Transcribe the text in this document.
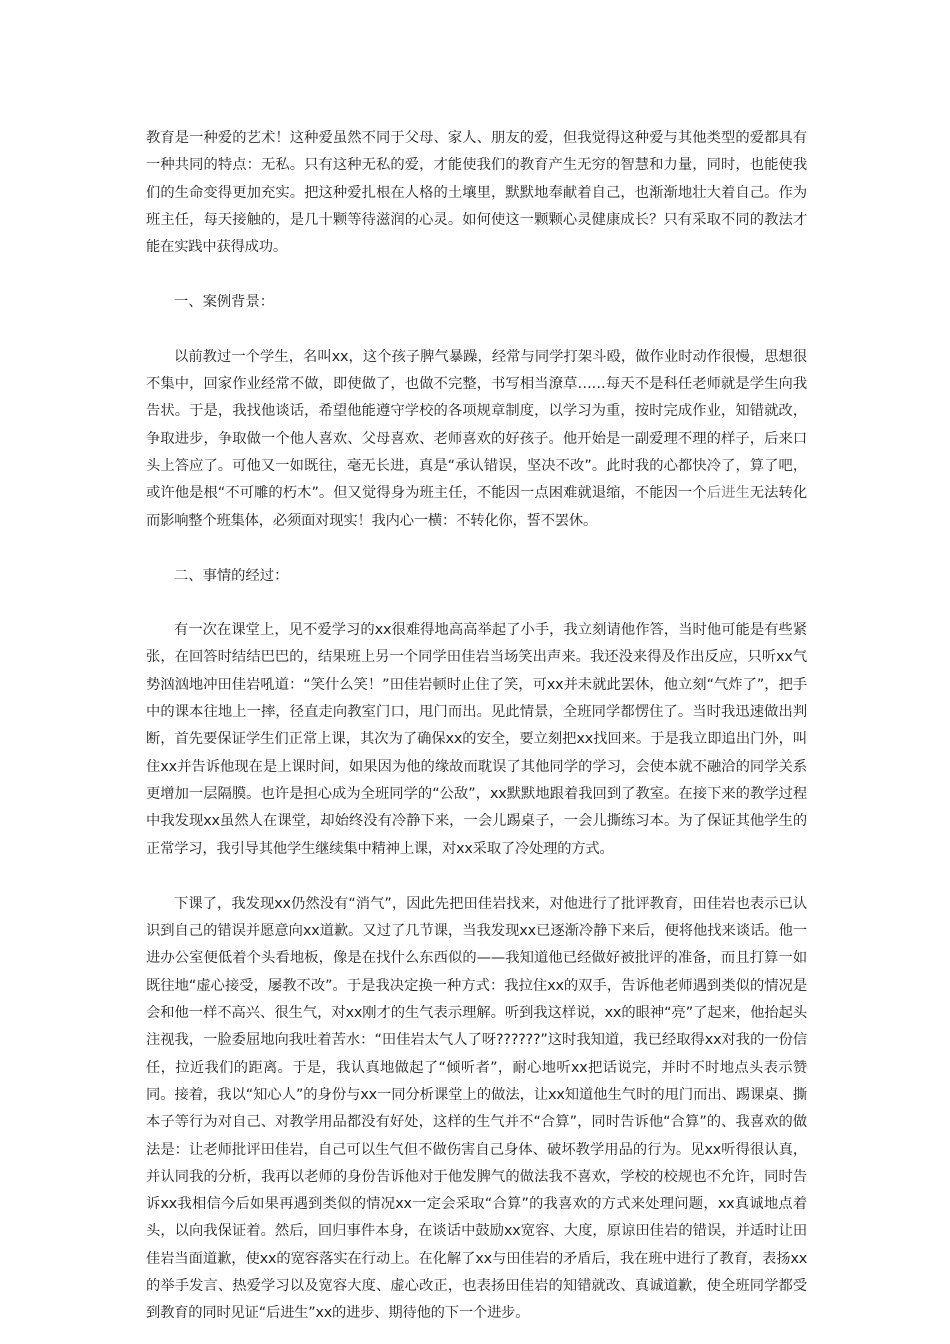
教育是一种爱的艺术！这种爱虽然不同于父母、家人、朋友的爱，但我觉得这种爱与其他类型的爱都具有一种共同的特点：无私。只有这种无私的爱，才能使我们的教育产生无穷的智慧和力量，同时，也能使我们的生命变得更加充实。把这种爱扎根在人格的土壤里，默默地奉献着自己，也渐渐地壮大着自己。作为班主任，每天接触的，是几十颗等待滋润的心灵。如何使这一颗颗心灵健康成长？只有采取不同的教法才能在实践中获得成功。

一、案例背景：

以前教过一个学生，名叫xx，这个孩子脾气暴躁，经常与同学打架斗殴，做作业时动作很慢，思想很不集中，回家作业经常不做，即使做了，也做不完整，书写相当潦草……每天不是科任老师就是学生向我告状。于是，我找他谈话，希望他能遵守学校的各项规章制度，以学习为重，按时完成作业，知错就改，争取进步，争取做一个他人喜欢、父母喜欢、老师喜欢的好孩子。他开始是一副爱理不理的样子，后来口头上答应了。可他又一如既往，毫无长进，真是“承认错误，坚决不改”。此时我的心都快冷了，算了吧，或许他是根“不可雕的朽木”。但又觉得身为班主任，不能因一点困难就退缩，不能因一个后进生无法转化而影响整个班集体，必须面对现实！我内心一横：不转化你，誓不罢休。

二、事情的经过：

有一次在课堂上，见不爱学习的xx很难得地高高举起了小手，我立刻请他作答，当时他可能是有些紧张，在回答时结结巴巴的，结果班上另一个同学田佳岩当场笑出声来。我还没来得及作出反应，只听xx气势汹汹地冲田佳岩吼道：“笑什么笑！”田佳岩顿时止住了笑，可xx并未就此罢休，他立刻“气炸了”，把手中的课本往地上一摔，径直走向教室门口，甩门而出。见此情景，全班同学都愣住了。当时我迅速做出判断，首先要保证学生们正常上课，其次为了确保xx的安全，要立刻把xx找回来。于是我立即追出门外，叫住xx并告诉他现在是上课时间，如果因为他的缘故而耽误了其他同学的学习，会使本就不融洽的同学关系更增加一层隔膜。也许是担心成为全班同学的“公敌”，xx默默地跟着我回到了教室。在接下来的教学过程中我发现xx虽然人在课堂，却始终没有冷静下来，一会儿踢桌子，一会儿撕练习本。为了保证其他学生的正常学习，我引导其他学生继续集中精神上课，对xx采取了冷处理的方式。

下课了，我发现xx仍然没有“消气”，因此先把田佳岩找来，对他进行了批评教育，田佳岩也表示已认识到自己的错误并愿意向xx道歉。又过了几节课，当我发现xx已逐渐冷静下来后，便将他找来谈话。他一进办公室便低着个头看地板，像是在找什么东西似的——我知道他已经做好被批评的准备，而且打算一如既往地“虚心接受，屡教不改”。于是我决定换一种方式：我拉住xx的双手，告诉他老师遇到类似的情况是会和他一样不高兴、很生气，对xx刚才的生气表示理解。听到我这样说，xx的眼神“亮”了起来，他抬起头注视我，一脸委屈地向我吐着苦水：“田佳岩太气人了呀??????”这时我知道，我已经取得xx对我的一份信任，拉近我们的距离。于是，我认真地做起了“倾听者”，耐心地听xx把话说完，并时不时地点头表示赞同。接着，我以“知心人”的身份与xx一同分析课堂上的做法，让xx知道他生气时的甩门而出、踢课桌、撕本子等行为对自己、对教学用品都没有好处，这样的生气并不“合算”，同时告诉他“合算”的、我喜欢的做法是：让老师批评田佳岩，自己可以生气但不做伤害自己身体、破坏教学用品的行为。见xx听得很认真，并认同我的分析，我再以老师的身份告诉他对于他发脾气的做法我不喜欢，学校的校规也不允许，同时告诉xx我相信今后如果再遇到类似的情况xx一定会采取“合算”的我喜欢的方式来处理问题，xx真诚地点着头，以向我保证着。然后，回归事件本身，在谈话中鼓励xx宽容、大度，原谅田佳岩的错误，并适时让田佳岩当面道歉，使xx的宽容落实在行动上。在化解了xx与田佳岩的矛盾后，我在班中进行了教育，表扬xx的举手发言、热爱学习以及宽容大度、虚心改正，也表扬田佳岩的知错就改、真诚道歉，使全班同学都受到教育的同时见证“后进生”xx的进步、期待他的下一个进步。
